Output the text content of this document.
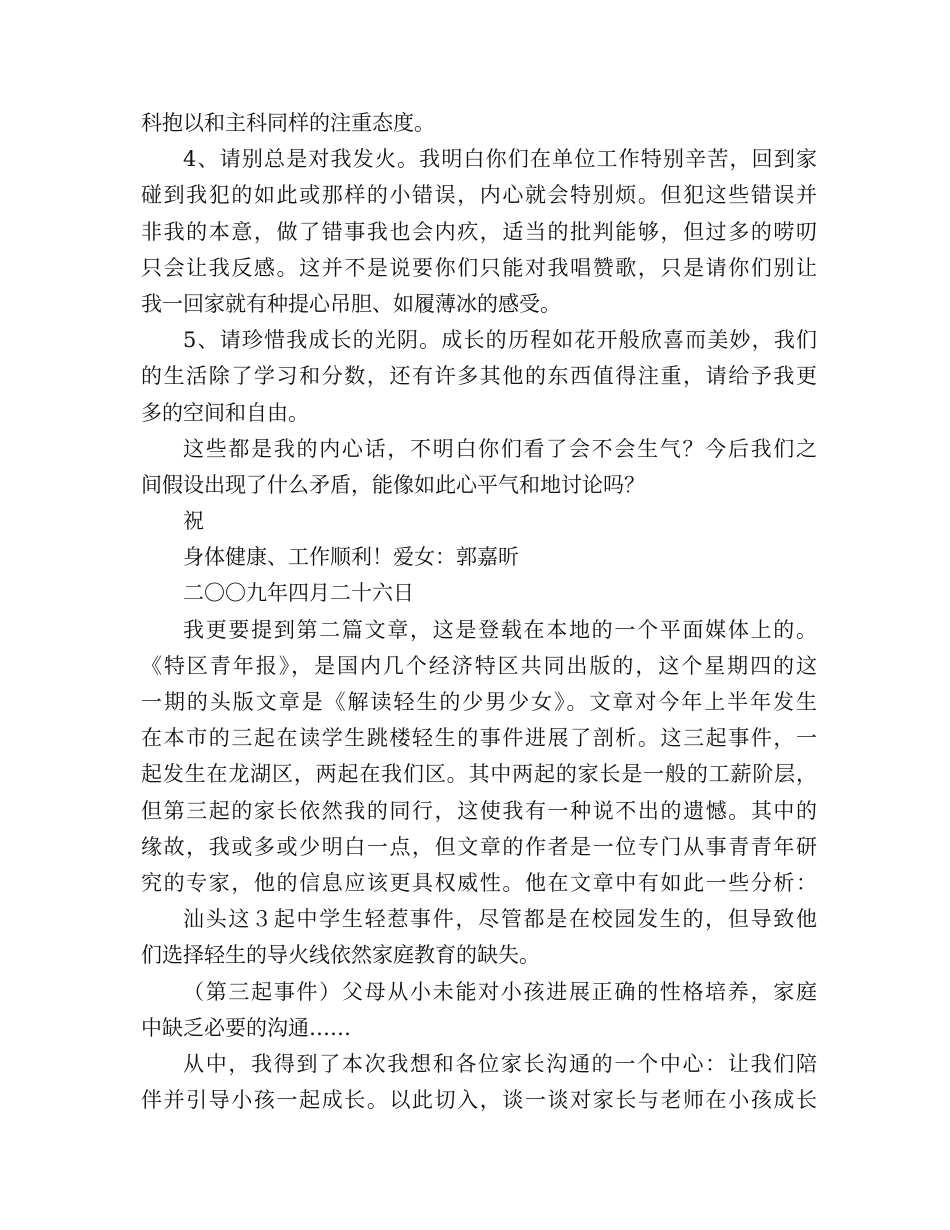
科抱以和主科同样的注重态度。
4、请别总是对我发火。我明白你们在单位工作特别辛苦，回到家
碰到我犯的如此或那样的小错误，内心就会特别烦。但犯这些错误并
非我的本意，做了错事我也会内疚，适当的批判能够，但过多的唠叨
只会让我反感。这并不是说要你们只能对我唱赞歌，只是请你们别让
我一回家就有种提心吊胆、如履薄冰的感受。
5、请珍惜我成长的光阴。成长的历程如花开般欣喜而美妙，我们
的生活除了学习和分数，还有许多其他的东西值得注重，请给予我更
多的空间和自由。
这些都是我的内心话，不明白你们看了会不会生气？今后我们之
间假设出现了什么矛盾，能像如此心平气和地讨论吗？
祝
身体健康、工作顺利！爱女：郭嘉昕
二〇〇九年四月二十六日
我更要提到第二篇文章，这是登载在本地的一个平面媒体上的。
《特区青年报》，是国内几个经济特区共同出版的，这个星期四的这
一期的头版文章是《解读轻生的少男少女》。文章对今年上半年发生
在本市的三起在读学生跳楼轻生的事件进展了剖析。这三起事件，一
起发生在龙湖区，两起在我们区。其中两起的家长是一般的工薪阶层，
但第三起的家长依然我的同行，这使我有一种说不出的遗憾。其中的
缘故，我或多或少明白一点，但文章的作者是一位专门从事青青年研
究的专家，他的信息应该更具权威性。他在文章中有如此一些分析：
汕头这３起中学生轻惹事件，尽管都是在校园发生的，但导致他
们选择轻生的导火线依然家庭教育的缺失。
（第三起事件）父母从小未能对小孩进展正确的性格培养，家庭
中缺乏必要的沟通……
从中，我得到了本次我想和各位家长沟通的一个中心：让我们陪
伴并引导小孩一起成长。以此切入，谈一谈对家长与老师在小孩成长
